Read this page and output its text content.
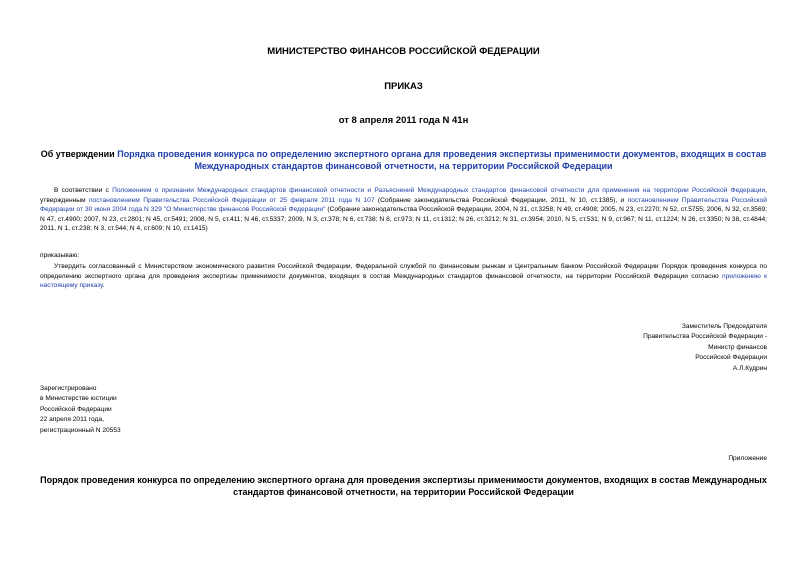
МИНИСТЕРСТВО ФИНАНСОВ РОССИЙСКОЙ ФЕДЕРАЦИИ
ПРИКАЗ
от 8 апреля 2011 года N 41н
Об утверждении Порядка проведения конкурса по определению экспертного органа для проведения экспертизы применимости документов, входящих в состав Международных стандартов финансовой отчетности, на территории Российской Федерации
В соответствии с Положением о признании Международных стандартов финансовой отчетности и Разъяснений Международных стандартов финансовой отчетности для применения на территории Российской Федерации, утвержденным постановлением Правительства Российской Федерации от 25 февраля 2011 года N 107 (Собрание законодательства Российской Федерации, 2011, N 10, ст.1385), и постановлением Правительства Российской Федерации от 30 июня 2004 года N 329 "О Министерстве финансов Российской Федерации" (Собрание законодательства Российской Федерации, 2004, N 31, ст.3258; N 49, ст.4908; 2005, N 23, ст.2270; N 52, ст.5755; 2006, N 32, ст.3569; N 47, ст.4900; 2007, N 23, ст.2801; N 45, ст.5491; 2008, N 5, ст.411; N 46, ст.5337; 2009, N 3, ст.378; N 6, ст.738; N 8, ст.973; N 11, ст.1312; N 26, ст.3212; N 31, ст.3954; 2010, N 5, ст.531; N 9, ст.967; N 11, ст.1224; N 26, ст.3350; N 38, ст.4844; 2011, N 1, ст.238; N 3, ст.544; N 4, ст.609; N 10, ст.1415)
приказываю:
Утвердить согласованный с Министерством экономического развития Российской Федерации, Федеральной службой по финансовым рынкам и Центральным банком Российской Федерации Порядок проведения конкурса по определению экспертного органа для проведения экспертизы применимости документов, входящих в состав Международных стандартов финансовой отчетности, на территории Российской Федерации согласно приложению к настоящему приказу.
Заместитель Председателя
Правительства Российской Федерации -
Министр финансов
Российской Федерации
А.Л.Кудрин
Зарегистрировано
в Министерстве юстиции
Российской Федерации
22 апреля 2011 года,
регистрационный N 20553
Приложение
Порядок проведения конкурса по определению экспертного органа для проведения экспертизы применимости документов, входящих в состав Международных стандартов финансовой отчетности, на территории Российской Федерации
